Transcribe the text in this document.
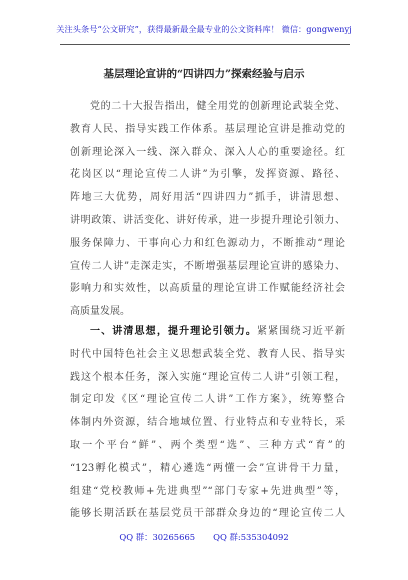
关注头条号“公文研究”，获得最新最全最专业的公文资料库！ 微信：gongwenyj
基层理论宣讲的“四讲四力”探索经验与启示
党的二十大报告指出，健全用党的创新理论武装全党、
教育人民、指导实践工作体系。基层理论宣讲是推动党的
创新理论深入一线、深入群众、深入人心的重要途径。红
花岗区以“理论宣传二人讲”为引擎，发挥资源、路径、
阵地三大优势，周好用活“四讲四力”抓手，讲清思想、
讲明政策、讲活变化、讲好传承，进一步提升理论引领力、
服务保障力、干事向心力和红色源动力，不断推动“理论
宣传二人讲”走深走实，不断增强基层理论宣讲的感染力、
影响力和实效性，以高质量的理论宣讲工作赋能经济社会
高质量发展。
一、讲清思想，提升理论引领力。紧紧围绕习近平新
时代中国特色社会主义思想武装全党、教育人民、指导实
践这个根本任务，深入实施“理论宣传二人讲”引领工程，
制定印发《区“理论宣传二人讲”工作方案》，统筹整合
体制内外资源，结合地域位置、行业特点和专业特长，采
取一个平台“鲜”、两个类型“选”、三种方式“育”的
“123孵化模式”，精心遴选“两懂一会”宣讲骨干力量，
组建“党校教师+先进典型”“部门专家+先进典型”等，
能够长期活跃在基层党员干部群众身边的“理论宣传二人
QQ 群：30265665 QQ 群:535304092
